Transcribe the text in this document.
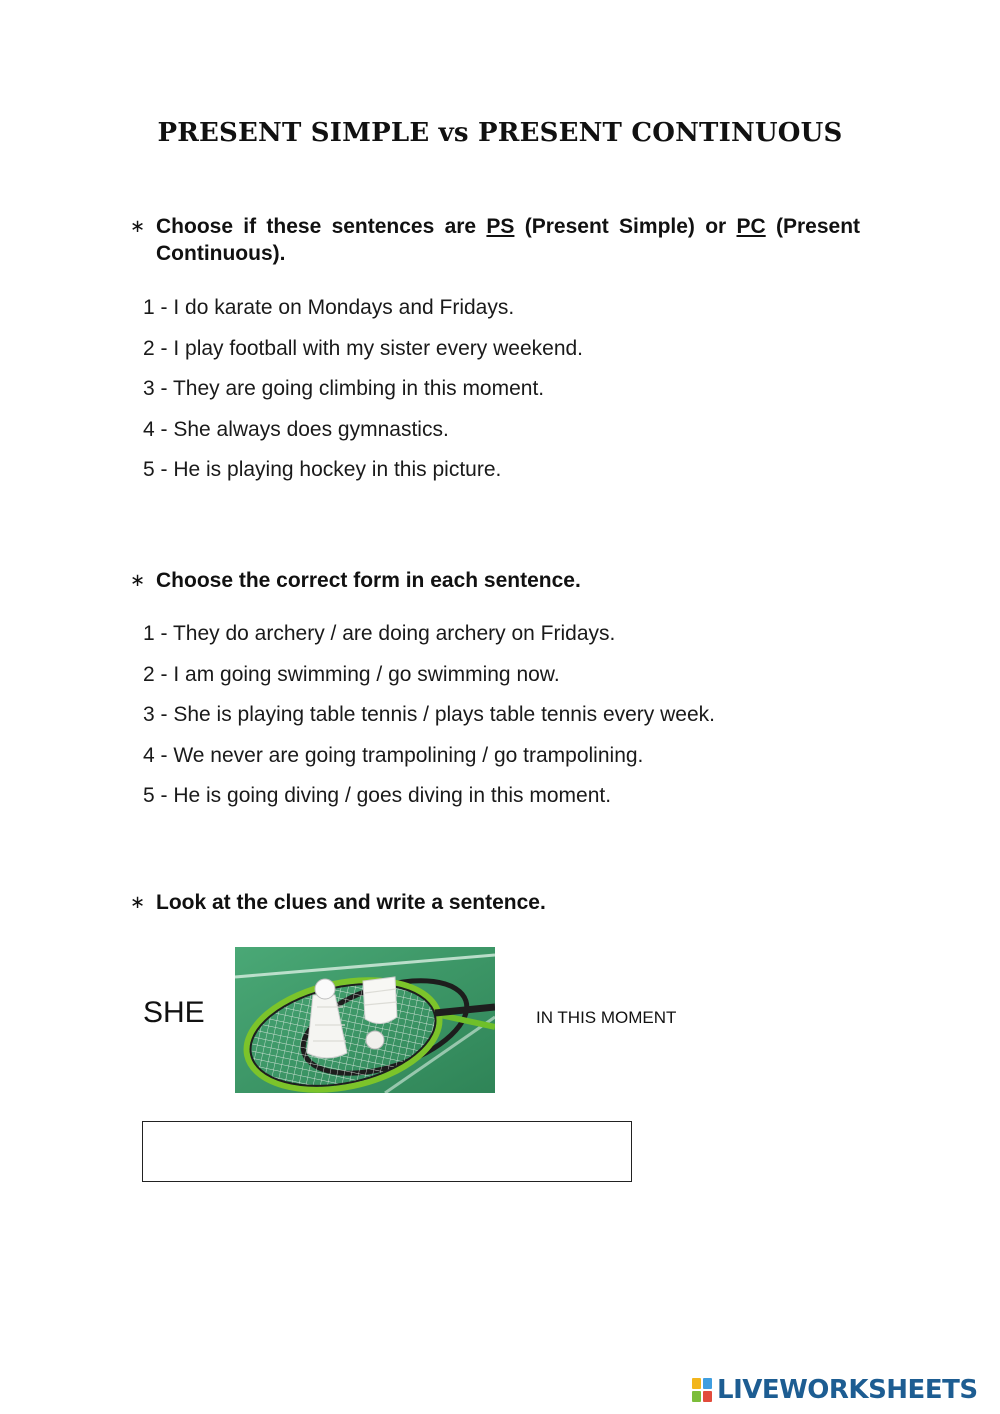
PRESENT SIMPLE vs PRESENT CONTINUOUS
∗ Choose if these sentences are PS (Present Simple) or PC (Present Continuous).
1 - I do karate on Mondays and Fridays.
2 - I play football with my sister every weekend.
3 - They are going climbing in this moment.
4 - She always does gymnastics.
5 - He is playing hockey in this picture.
∗ Choose the correct form in each sentence.
1 - They do archery / are doing archery on Fridays.
2 - I am going swimming / go swimming now.
3 - She is playing table tennis / plays table tennis every week.
4 - We never are going trampolining / go trampolining.
5 - He is going diving / goes diving in this moment.
∗ Look at the clues and write a sentence.
SHE	IN THIS MOMENT
LIVEWORKSHEETS
